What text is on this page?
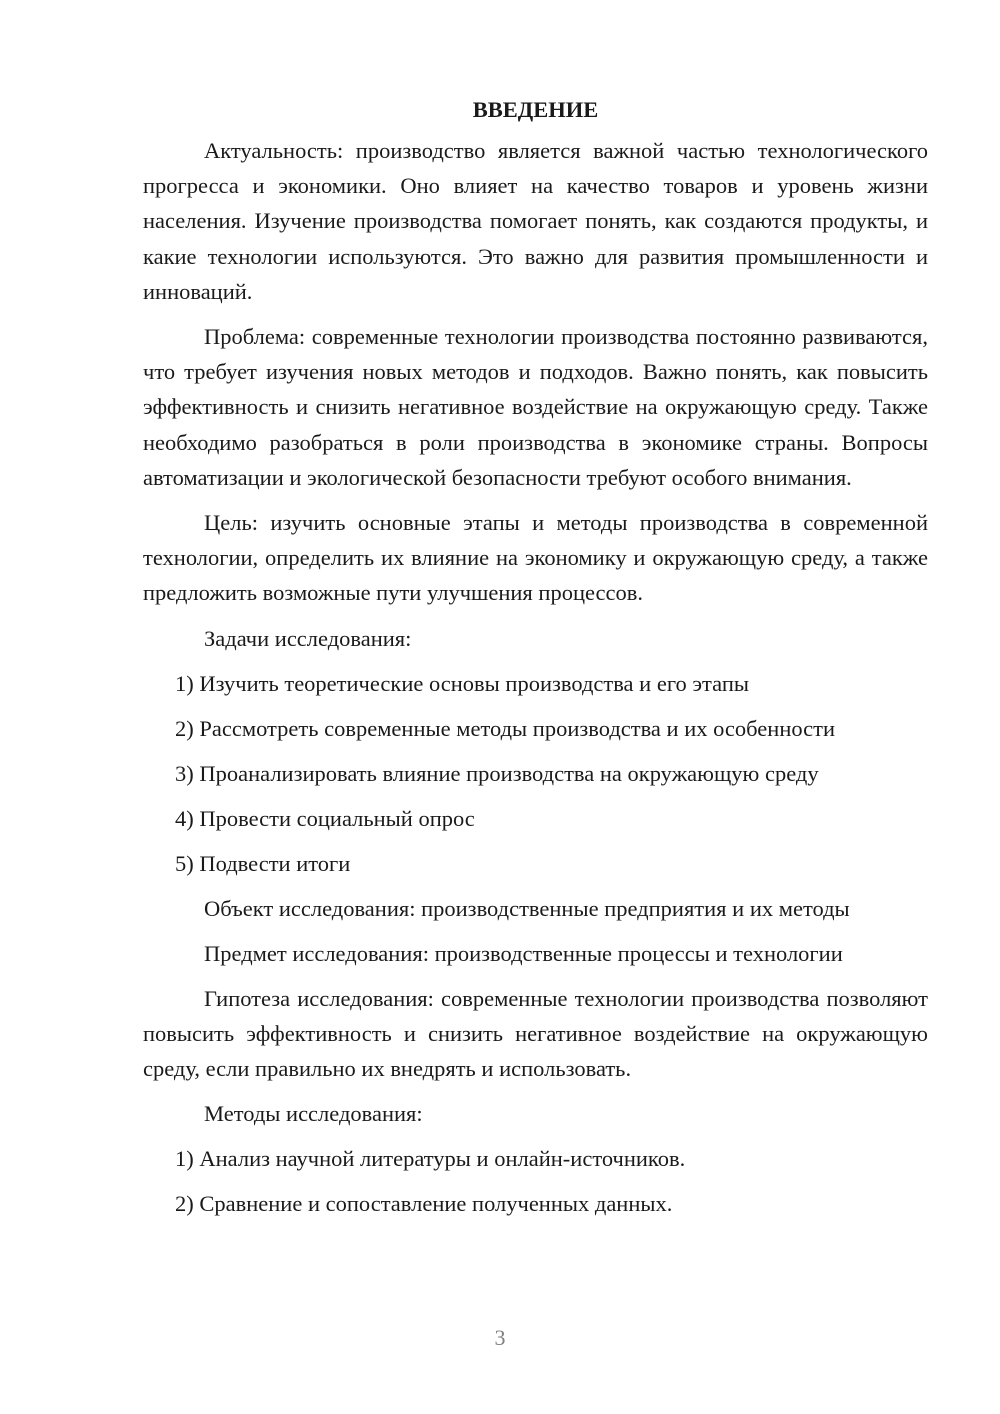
ВВЕДЕНИЕ
Актуальность: производство является важной частью технологического прогресса и экономики. Оно влияет на качество товаров и уровень жизни населения. Изучение производства помогает понять, как создаются продукты, и какие технологии используются. Это важно для развития промышленности и инноваций.
Проблема: современные технологии производства постоянно развиваются, что требует изучения новых методов и подходов. Важно понять, как повысить эффективность и снизить негативное воздействие на окружающую среду. Также необходимо разобраться в роли производства в экономике страны. Вопросы автоматизации и экологической безопасности требуют особого внимания.
Цель: изучить основные этапы и методы производства в современной технологии, определить их влияние на экономику и окружающую среду, а также предложить возможные пути улучшения процессов.
Задачи исследования:
1) Изучить теоретические основы производства и его этапы
2) Рассмотреть современные методы производства и их особенности
3) Проанализировать влияние производства на окружающую среду
4) Провести социальный опрос
5) Подвести итоги
Объект исследования: производственные предприятия и их методы
Предмет исследования: производственные процессы и технологии
Гипотеза исследования: современные технологии производства позволяют повысить эффективность и снизить негативное воздействие на окружающую среду, если правильно их внедрять и использовать.
Методы исследования:
1) Анализ научной литературы и онлайн-источников.
2) Сравнение и сопоставление полученных данных.
3
